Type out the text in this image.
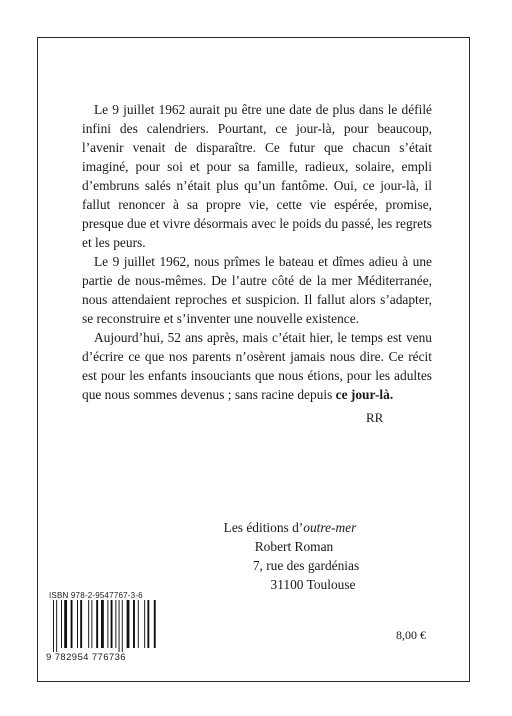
Le 9 juillet 1962 aurait pu être une date de plus dans le défilé infini des calendriers. Pourtant, ce jour-là, pour beaucoup, l’avenir venait de disparaître. Ce futur que chacun s’était imaginé, pour soi et pour sa famille, radieux, solaire, empli d’embruns salés n’était plus qu’un fantôme. Oui, ce jour-là, il fallut renoncer à sa propre vie, cette vie espérée, promise, presque due et vivre désormais avec le poids du passé, les regrets et les peurs.

Le 9 juillet 1962, nous prîmes le bateau et dîmes adieu à une partie de nous-mêmes. De l’autre côté de la mer Méditerranée, nous attendaient reproches et suspicion. Il fallut alors s’adapter, se reconstruire et s’inventer une nouvelle existence.

Aujourd’hui, 52 ans après, mais c’était hier, le temps est venu d’écrire ce que nos parents n’osèrent jamais nous dire. Ce récit est pour les enfants insouciants que nous étions, pour les adultes que nous sommes devenus ; sans racine depuis ce jour-là.

RR
Les éditions d’outre-mer
Robert Roman
7, rue des gardénias
31100 Toulouse
ISBN 978-2-9547767-3-6
8,00 €
9 782954 776736
